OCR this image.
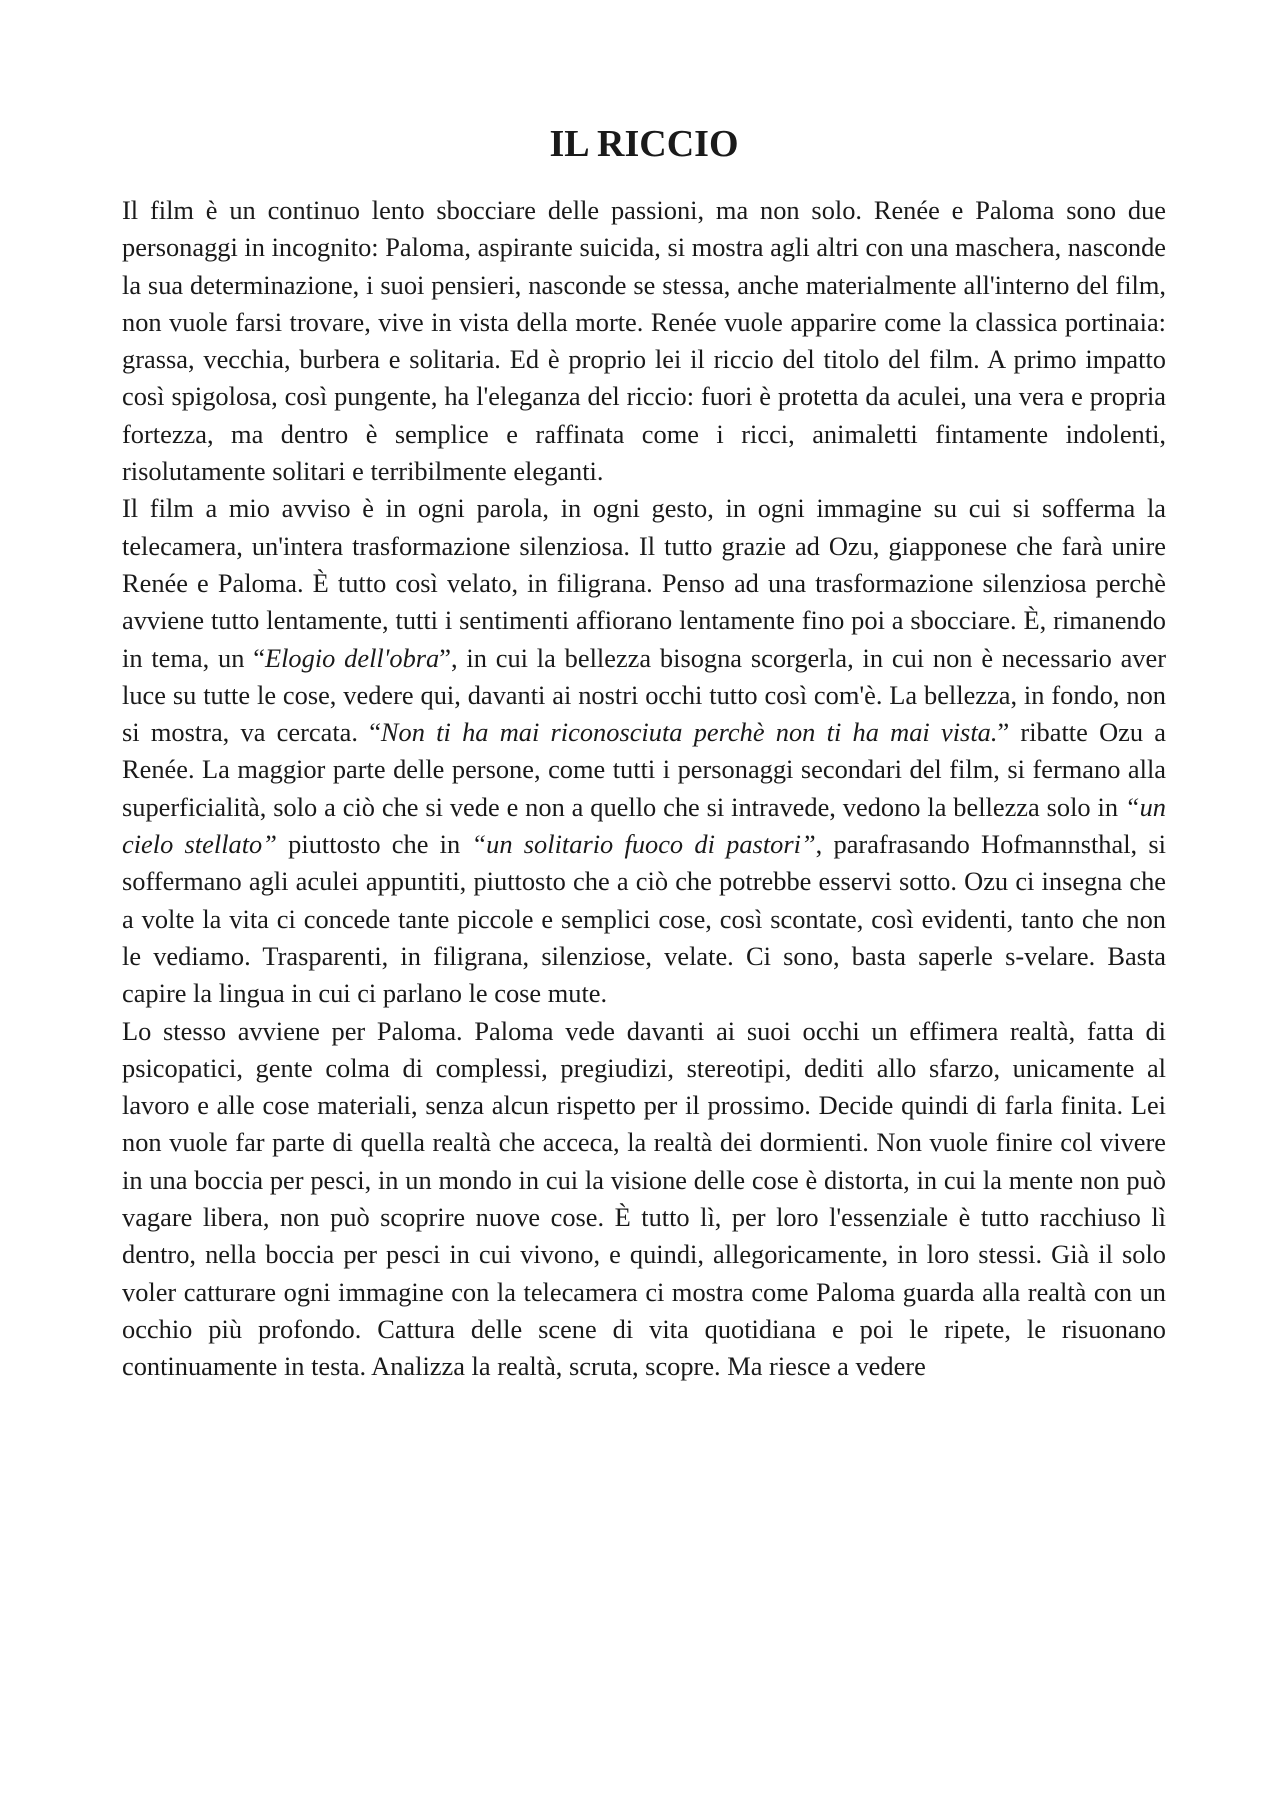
IL RICCIO

Il film è un continuo lento sbocciare delle passioni, ma non solo. Renée e Paloma sono due personaggi in incognito: Paloma, aspirante suicida, si mostra agli altri con una maschera, nasconde la sua determinazione, i suoi pensieri, nasconde se stessa, anche materialmente all'interno del film, non vuole farsi trovare, vive in vista della morte. Renée vuole apparire come la classica portinaia: grassa, vecchia, burbera e solitaria. Ed è proprio lei il riccio del titolo del film. A primo impatto così spigolosa, così pungente, ha l'eleganza del riccio: fuori è protetta da aculei, una vera e propria fortezza, ma dentro è semplice e raffinata come i ricci, animaletti fintamente indolenti, risolutamente solitari e terribilmente eleganti.

Il film a mio avviso è in ogni parola, in ogni gesto, in ogni immagine su cui si sofferma la telecamera, un'intera trasformazione silenziosa. Il tutto grazie ad Ozu, giapponese che farà unire Renée e Paloma. È tutto così velato, in filigrana. Penso ad una trasformazione silenziosa perchè avviene tutto lentamente, tutti i sentimenti affiorano lentamente fino poi a sbocciare. È, rimanendo in tema, un “Elogio dell'obra”, in cui la bellezza bisogna scorgerla, in cui non è necessario aver luce su tutte le cose, vedere qui, davanti ai nostri occhi tutto così com'è. La bellezza, in fondo, non si mostra, va cercata. “Non ti ha mai riconosciuta perchè non ti ha mai vista.” ribatte Ozu a Renée. La maggior parte delle persone, come tutti i personaggi secondari del film, si fermano alla superficialità, solo a ciò che si vede e non a quello che si intravede, vedono la bellezza solo in “un cielo stellato” piuttosto che in “un solitario fuoco di pastori”, parafrasando Hofmannsthal, si soffermano agli aculei appuntiti, piuttosto che a ciò che potrebbe esservi sotto. Ozu ci insegna che a volte la vita ci concede tante piccole e semplici cose, così scontate, così evidenti, tanto che non le vediamo. Trasparenti, in filigrana, silenziose, velate. Ci sono, basta saperle s-velare. Basta capire la lingua in cui ci parlano le cose mute.

Lo stesso avviene per Paloma. Paloma vede davanti ai suoi occhi un effimera realtà, fatta di psicopatici, gente colma di complessi, pregiudizi, stereotipi, dediti allo sfarzo, unicamente al lavoro e alle cose materiali, senza alcun rispetto per il prossimo. Decide quindi di farla finita. Lei non vuole far parte di quella realtà che acceca, la realtà dei dormienti. Non vuole finire col vivere in una boccia per pesci, in un mondo in cui la visione delle cose è distorta, in cui la mente non può vagare libera, non può scoprire nuove cose. È tutto lì, per loro l'essenziale è tutto racchiuso lì dentro, nella boccia per pesci in cui vivono, e quindi, allegoricamente, in loro stessi. Già il solo voler catturare ogni immagine con la telecamera ci mostra come Paloma guarda alla realtà con un occhio più profondo. Cattura delle scene di vita quotidiana e poi le ripete, le risuonano continuamente in testa. Analizza la realtà, scruta, scopre. Ma riesce a vedere
